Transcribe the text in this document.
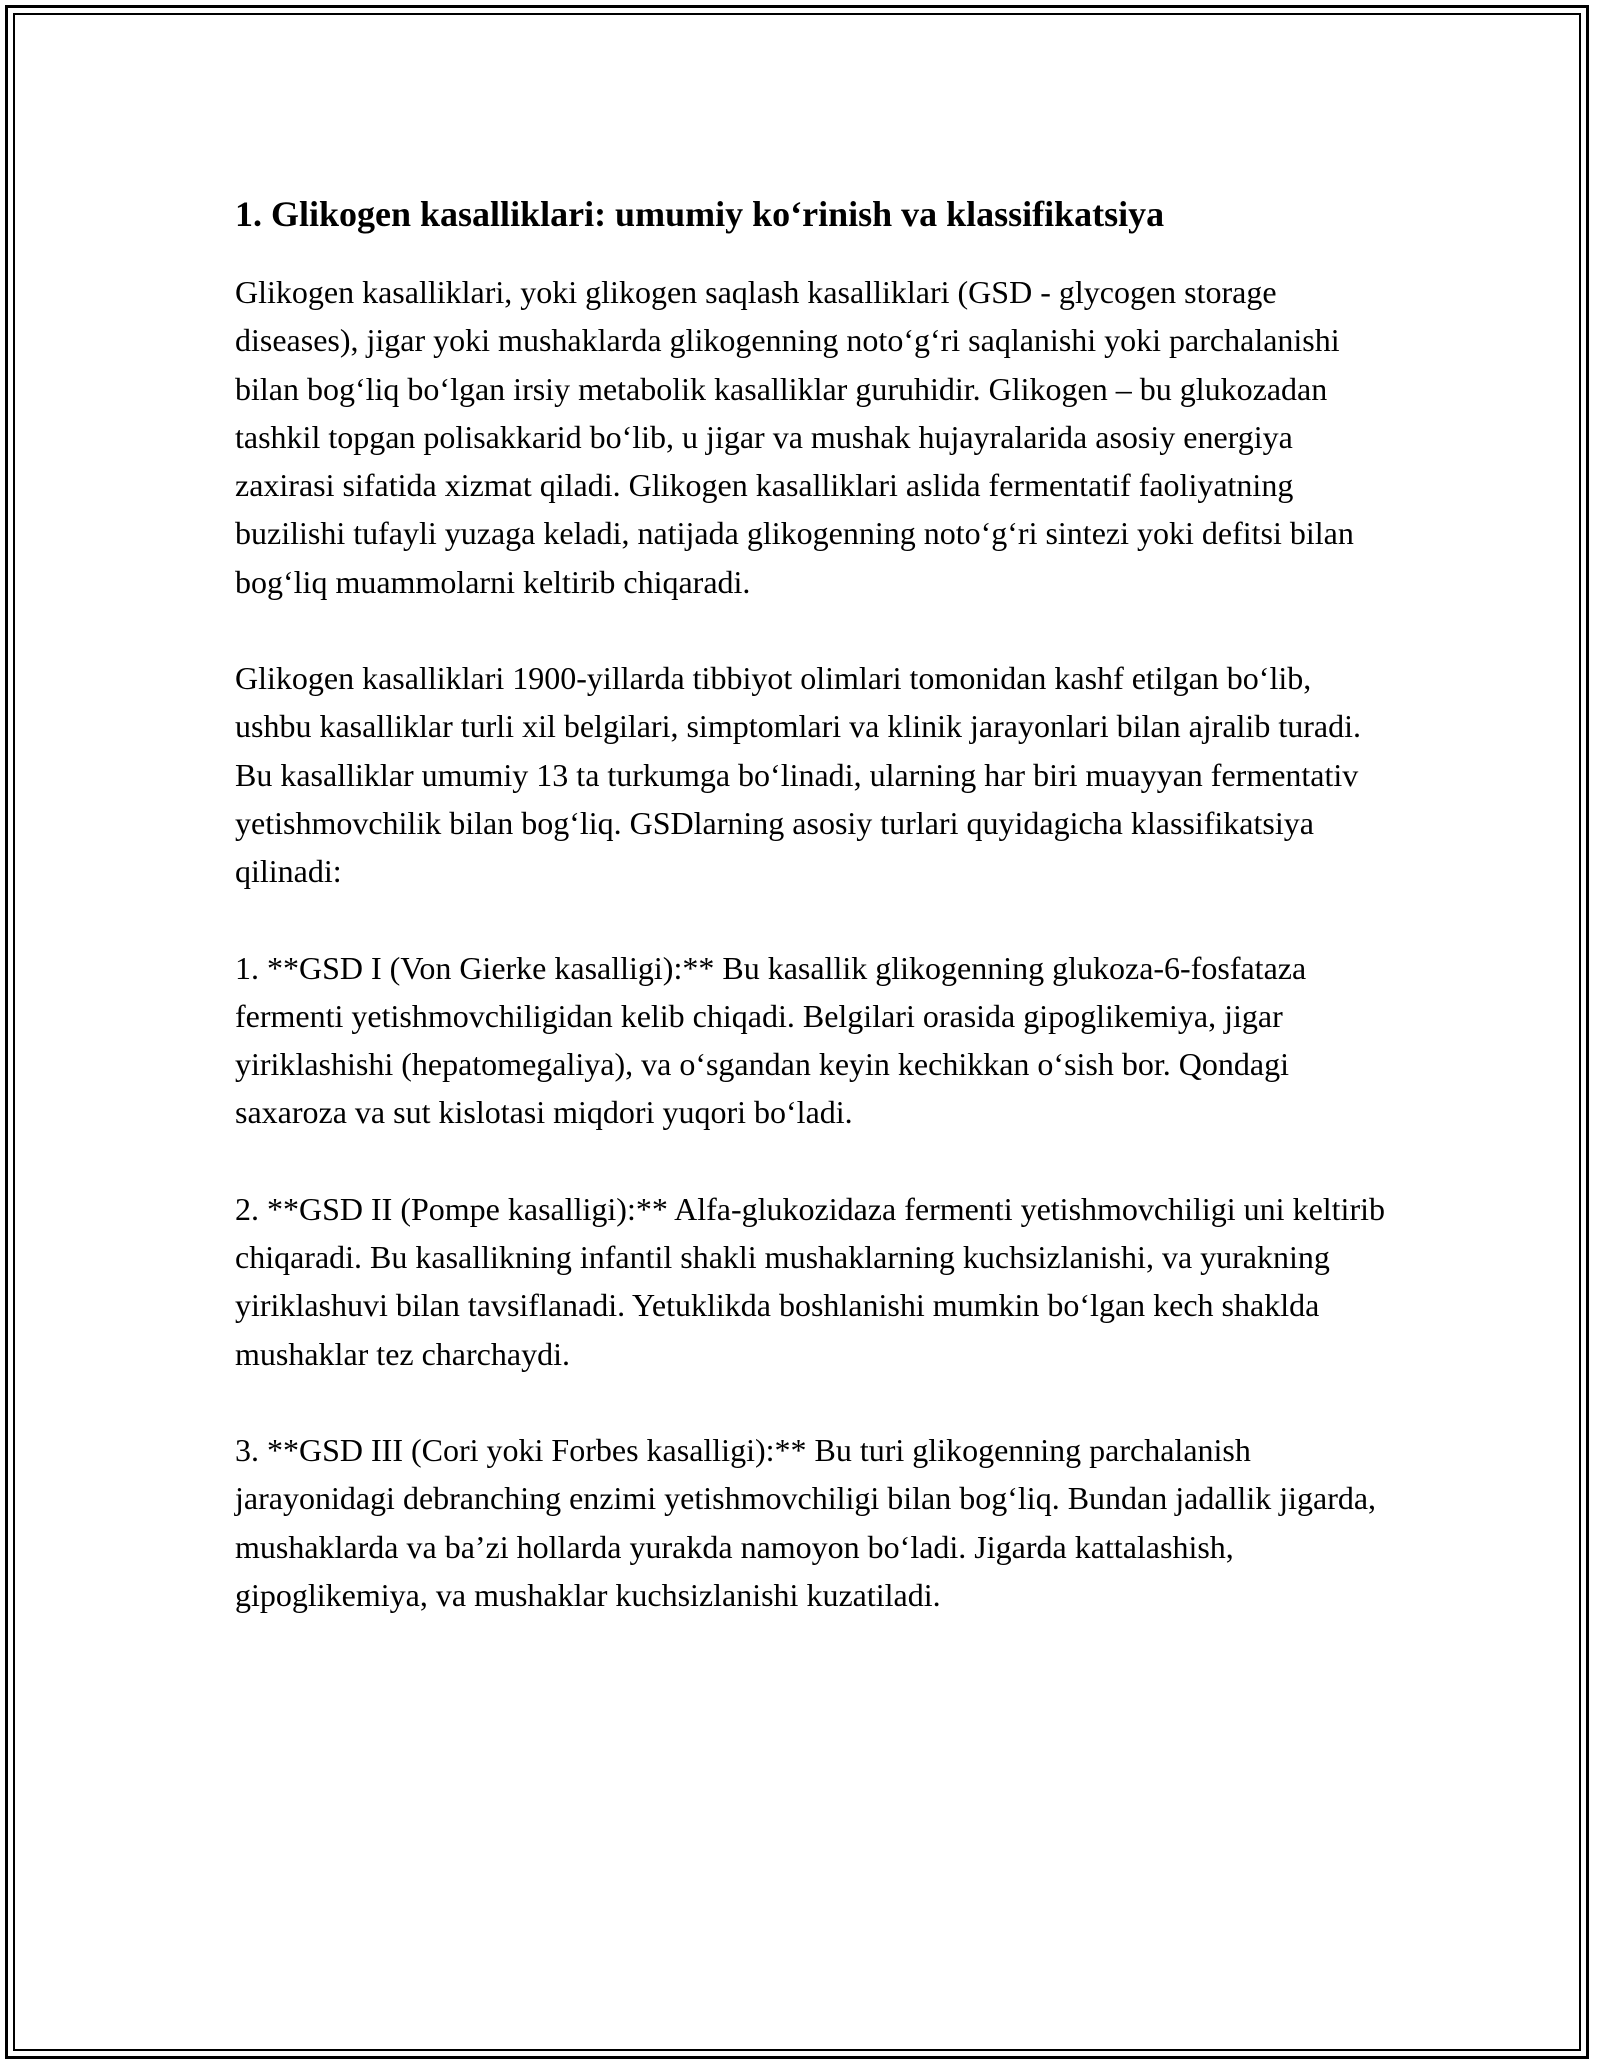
1. Glikogen kasalliklari: umumiy ko‘rinish va klassifikatsiya

Glikogen kasalliklari, yoki glikogen saqlash kasalliklari (GSD - glycogen storage diseases), jigar yoki mushaklarda glikogenning noto‘g‘ri saqlanishi yoki parchalanishi bilan bog‘liq bo‘lgan irsiy metabolik kasalliklar guruhidir. Glikogen – bu glukozadan tashkil topgan polisakkarid bo‘lib, u jigar va mushak hujayralarida asosiy energiya zaxirasi sifatida xizmat qiladi. Glikogen kasalliklari aslida fermentatif faoliyatning buzilishi tufayli yuzaga keladi, natijada glikogenning noto‘g‘ri sintezi yoki defitsi bilan bog‘liq muammolarni keltirib chiqaradi.

Glikogen kasalliklari 1900-yillarda tibbiyot olimlari tomonidan kashf etilgan bo‘lib, ushbu kasalliklar turli xil belgilari, simptomlari va klinik jarayonlari bilan ajralib turadi. Bu kasalliklar umumiy 13 ta turkumga bo‘linadi, ularning har biri muayyan fermentativ yetishmovchilik bilan bog‘liq. GSDlarning asosiy turlari quyidagicha klassifikatsiya qilinadi:

1. **GSD I (Von Gierke kasalligi):** Bu kasallik glikogenning glukoza-6-fosfataza fermenti yetishmovchiligidan kelib chiqadi. Belgilari orasida gipoglikemiya, jigar yiriklashishi (hepatomegaliya), va o‘sgandan keyin kechikkan o‘sish bor. Qondagi saxaroza va sut kislotasi miqdori yuqori bo‘ladi.

2. **GSD II (Pompe kasalligi):** Alfa-glukozidaza fermenti yetishmovchiligi uni keltirib chiqaradi. Bu kasallikning infantil shakli mushaklarning kuchsizlanishi, va yurakning yiriklashuvi bilan tavsiflanadi. Yetuklikda boshlanishi mumkin bo‘lgan kech shakldа mushaklar tez charchaydi.

3. **GSD III (Cori yoki Forbes kasalligi):** Bu turi glikogenning parchalanish jarayonidagi debranching enzimi yetishmovchiligi bilan bog‘liq. Bundan jadallik jigarda, mushaklarda va ba’zi hollarda yurakda namoyon bo‘ladi. Jigarda kattalashish, gipoglikemiya, va mushaklar kuchsizlanishi kuzatiladi.
